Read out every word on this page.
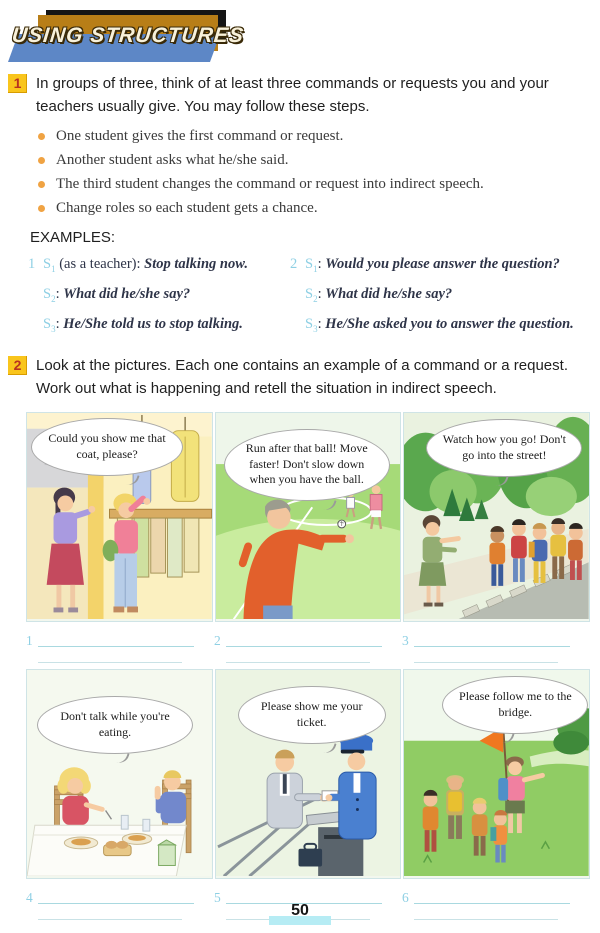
USING STRUCTURES
1 In groups of three, think of at least three commands or requests you and your teachers usually give. You may follow these steps.
One student gives the first command or request.
Another student asks what he/she said.
The third student changes the command or request into indirect speech.
Change roles so each student gets a chance.
EXAMPLES:
1 $S_1$ (as a teacher): Stop talking now.
$S_2$ : What did he/she say?
$S_3$ : He/She told us to stop talking.
2 $S_1$ : Would you please answer the question?
$S_2$ : What did he/she say?
$S_3$ : He/She asked you to answer the question.
2 Look at the pictures. Each one contains an example of a command or a request. Work out what is happening and retell the situation in indirect speech.
Could you show me that coat, please?	Run after that ball! Move faster! Don't slow down when you have the ball.
Watch how you go! Don't go into the street!
1	2	3
Don't talk while you're eating.
Please show me your ticket.
Please follow me to the bridge.
4	5	6
50
